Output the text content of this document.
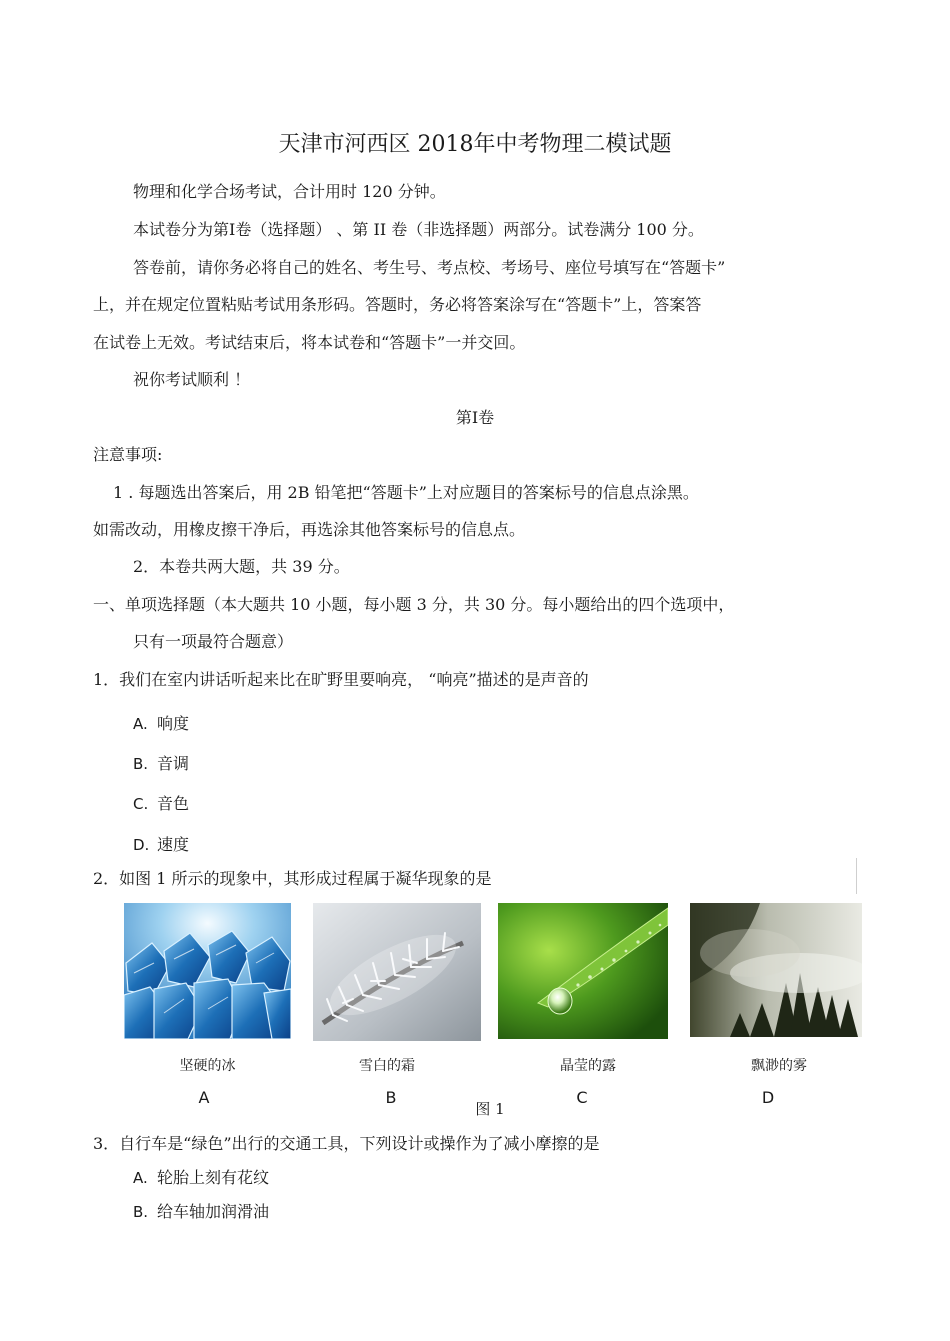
天津市河西区 2018年中考物理二模试题
物理和化学合场考试，合计用时 120 分钟。
本试卷分为第Ⅰ卷（选择题） 、第 II 卷（非选择题）两部分。试卷满分 100 分。
答卷前，请你务必将自己的姓名、考生号、考点校、考场号、座位号填写在“答题卡”
上，并在规定位置粘贴考试用条形码。答题时，务必将答案涂写在“答题卡”上，答案答
在试卷上无效。考试结束后，将本试卷和“答题卡”一并交回。
祝你考试顺利 ！
第Ⅰ卷
注意事项:
1 . 每题选出答案后，用 2B 铅笔把“答题卡”上对应题目的答案标号的信息点涂黑。
如需改动，用橡皮擦干净后，再选涂其他答案标号的信息点。
2．本卷共两大题，共 39 分。
一、单项选择题（本大题共 10 小题，每小题 3 分，共 30 分。每小题给出的四个选项中，
只有一项最符合题意）
1．我们在室内讲话听起来比在旷野里要响亮， “响亮”描述的是声音的
A. 响度
B. 音调
C. 音色
D. 速度
2．如图 1 所示的现象中，其形成过程属于凝华现象的是
坚硬的冰	雪白的霜	晶莹的露	飘渺的雾
A	B	C	D
图 1
3．自行车是“绿色”出行的交通工具，下列设计或操作为了减小摩擦的是
A. 轮胎上刻有花纹
B. 给车轴加润滑油
